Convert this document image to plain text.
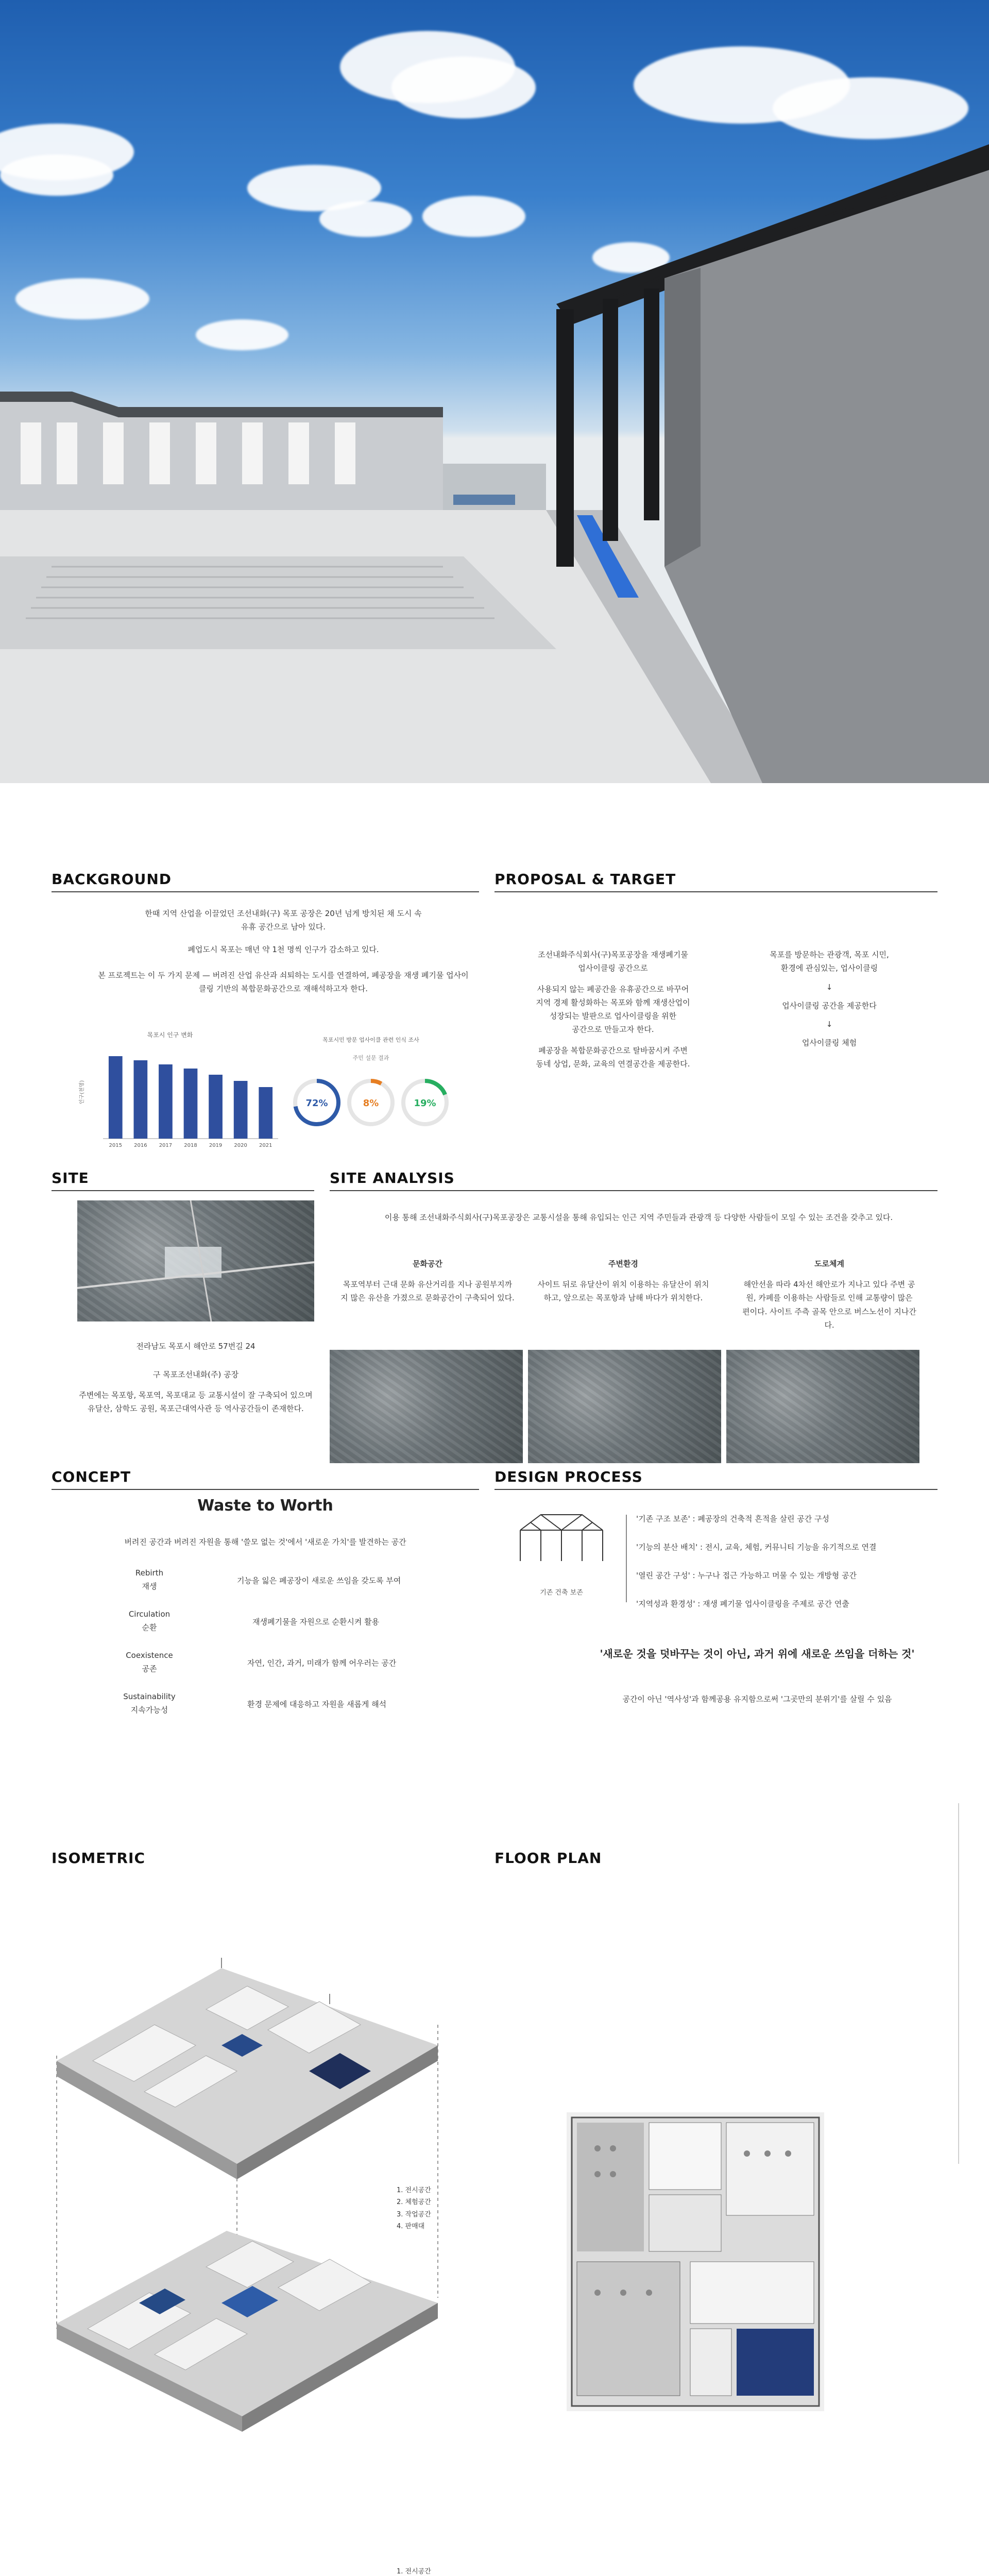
BACKGROUND
한때 지역 산업을 이끌었던 조선내화(구) 목포 공장은 20년 넘게 방치된 채 도시 속 유휴 공간으로 남아 있다.
폐업도시 목포는 매년 약 1천 명씩 인구가 감소하고 있다.
본 프로젝트는 이 두 가지 문제 — 버려진 산업 유산과 쇠퇴하는 도시를 연결하여, 폐공장을 재생 폐기물 업사이클링 기반의 복합문화공간으로 재해석하고자 한다.
목포시 인구 변화
인구(천명)
2015 2016 2017 2018 2019 2020 2021
목포시민 방문 업사이클 관련 인식 조사
주민 설문 결과
72%	8%	19%
PROPOSAL & TARGET
조선내화주식회사(구)목포공장을 재생폐기물
업사이클링 공간으로
사용되지 않는 폐공간을 유휴공간으로 바꾸어
지역 경제 활성화하는 목포와 함께 재생산업이
성장되는 발판으로 업사이클링을 위한
공간으로 만들고자 한다.
폐공장을 복합문화공간으로 탈바꿈시켜 주변
동네 상업, 문화, 교육의 연결공간을 제공한다.
목포를 방문하는 관광객, 목포 시민,
환경에 관심있는, 업사이클링
↓
업사이클링 공간을 제공한다
↓
업사이클링 체험
SITE
전라남도 목포시 해안로 57번길 24
구 목포조선내화(주) 공장
주변에는 목포항, 목포역, 목포대교 등 교통시설이 잘 구축되어 있으며 유달산, 삼학도 공원, 목포근대역사관 등 역사공간들이 존재한다.
SITE ANALYSIS
이용 통해 조선내화주식회사(구)목포공장은 교통시설을 통해 유입되는 인근 지역 주민들과 관광객 등 다양한 사람들이 모일 수 있는 조건을 갖추고 있다.
문화공간
목포역부터 근대 문화 유산거리를 지나 공원부지까지 많은 유산을 가졌으로 문화공간이 구축되어 있다.
주변환경
사이트 뒤로 유달산이 위치 이용하는 유달산이 위치하고, 앞으로는 목포항과 남해 바다가 위치한다.
도로체계
해안선을 따라 4차선 해안로가 지나고 있다 주변 공원, 카페를 이용하는 사람들로 인해 교통량이 많은 편이다. 사이트 주측 골목 안으로 버스노선이 지나간다.
CONCEPT
Waste to Worth
버려진 공간과 버려진 자원을 통해 '쓸모 없는 것'에서 '새로운 가치'를 발견하는 공간
Rebirth
재생
기능을 잃은 폐공장이 새로운 쓰임을 갖도록 부여
Circulation
순환
재생폐기물을 자원으로 순환시켜 활용
Coexistence
공존
자연, 인간, 과거, 미래가 함께 어우러는 공간
Sustainability
지속가능성
환경 문제에 대응하고 자원을 새롭게 해석
DESIGN PROCESS
기존 건축 보존
'기존 구조 보존' : 폐공장의 건축적 흔적을 살린 공간 구성
'기능의 분산 배치' : 전시, 교육, 체험, 커뮤니티 기능을 유기적으로 연결
'열린 공간 구성' : 누구나 접근 가능하고 머물 수 있는 개방형 공간
'지역성과 환경성' : 재생 폐기물 업사이클링을 주제로 공간 연출
'새로운 것을 덧바꾸는 것이 아닌, 과거 위에 새로운 쓰임을 더하는 것'
공간이 아닌 '역사성'과 함께공용 유지함으로써 '그곳만의 분위기'를 살릴 수 있음
ISOMETRIC
1. 전시공간
2. 체험공간
3. 작업공간
4. 판매대
1. 전시공간
FLOOR PLAN
